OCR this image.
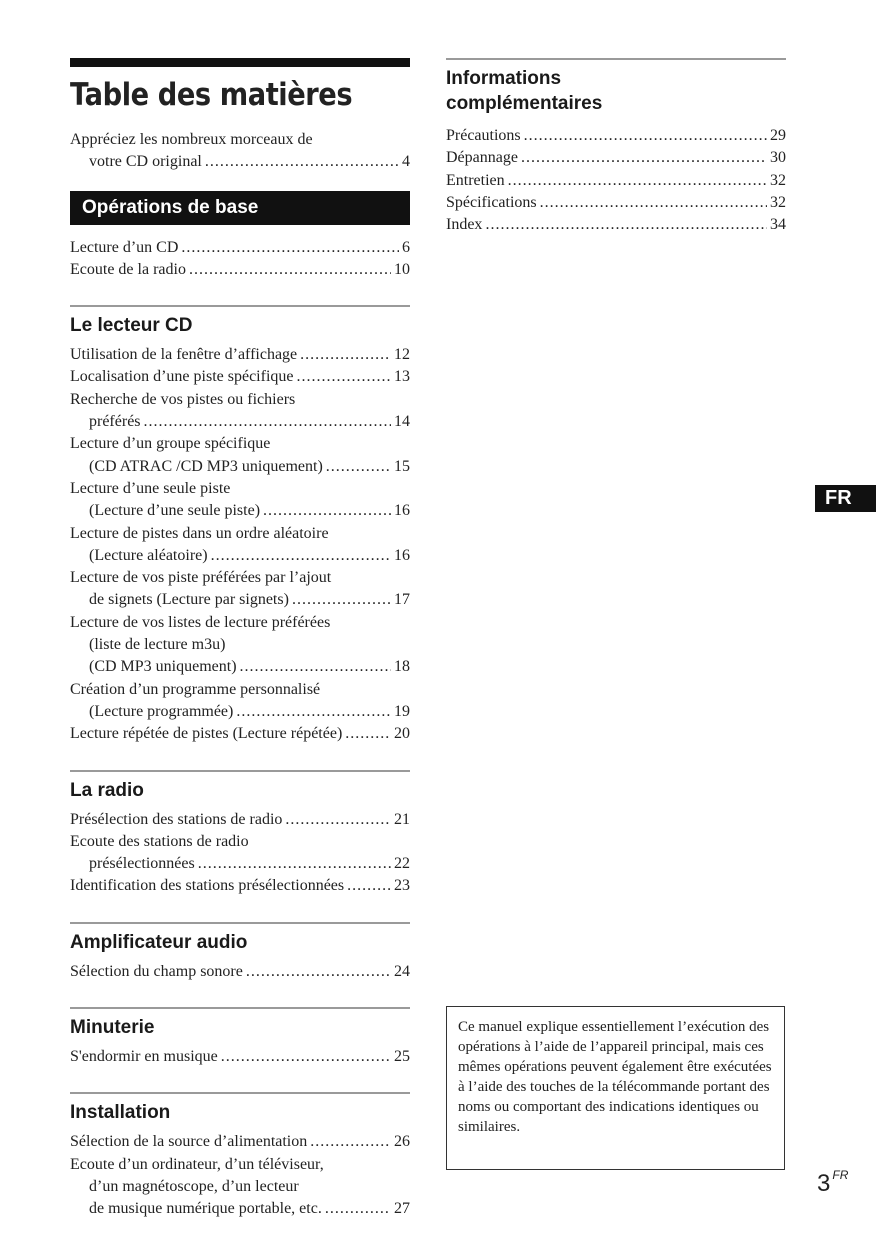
Table des matières
Appréciez les nombreux morceaux de
votre CD original .....	4
Opérations de base
Lecture d’un CD .....	6
Ecoute de la radio .....	10
Le lecteur CD
Utilisation de la fenêtre d’affichage .....	12
Localisation d’une piste spécifique .....	13
Recherche de vos pistes ou fichiers
préférés .....	14
Lecture d’un groupe spécifique
(CD ATRAC /CD MP3 uniquement) .....	15
Lecture d’une seule piste
(Lecture d’une seule piste) .....	16
Lecture de pistes dans un ordre aléatoire
(Lecture aléatoire) .....	16
Lecture de vos piste préférées par l’ajout
de signets (Lecture par signets) .....	17
Lecture de vos listes de lecture préférées
(liste de lecture m3u)
(CD MP3 uniquement) .....	18
Création d’un programme personnalisé
(Lecture programmée) .....	19
Lecture répétée de pistes (Lecture répétée) .....	20
La radio
Présélection des stations de radio .....	21
Ecoute des stations de radio
présélectionnées .....	22
Identification des stations présélectionnées .....	23
Amplificateur audio
Sélection du champ sonore .....	24
Minuterie
S'endormir en musique .....	25
Installation
Sélection de la source d’alimentation .....	26
Ecoute d’un ordinateur, d’un téléviseur,
d’un magnétoscope, d’un lecteur
de musique numérique portable, etc. .....	27
Informations
complémentaires
Précautions .....	29
Dépannage .....	30
Entretien .....	32
Spécifications .....	32
Index .....	34
FR
Ce manuel explique essentiellement l’exécution des opérations à l’aide de l’appareil principal, mais ces mêmes opérations peuvent également être exécutées à l’aide des touches de la télécommande portant des noms ou comportant des indications identiques ou similaires.
3 $^{FR}$
